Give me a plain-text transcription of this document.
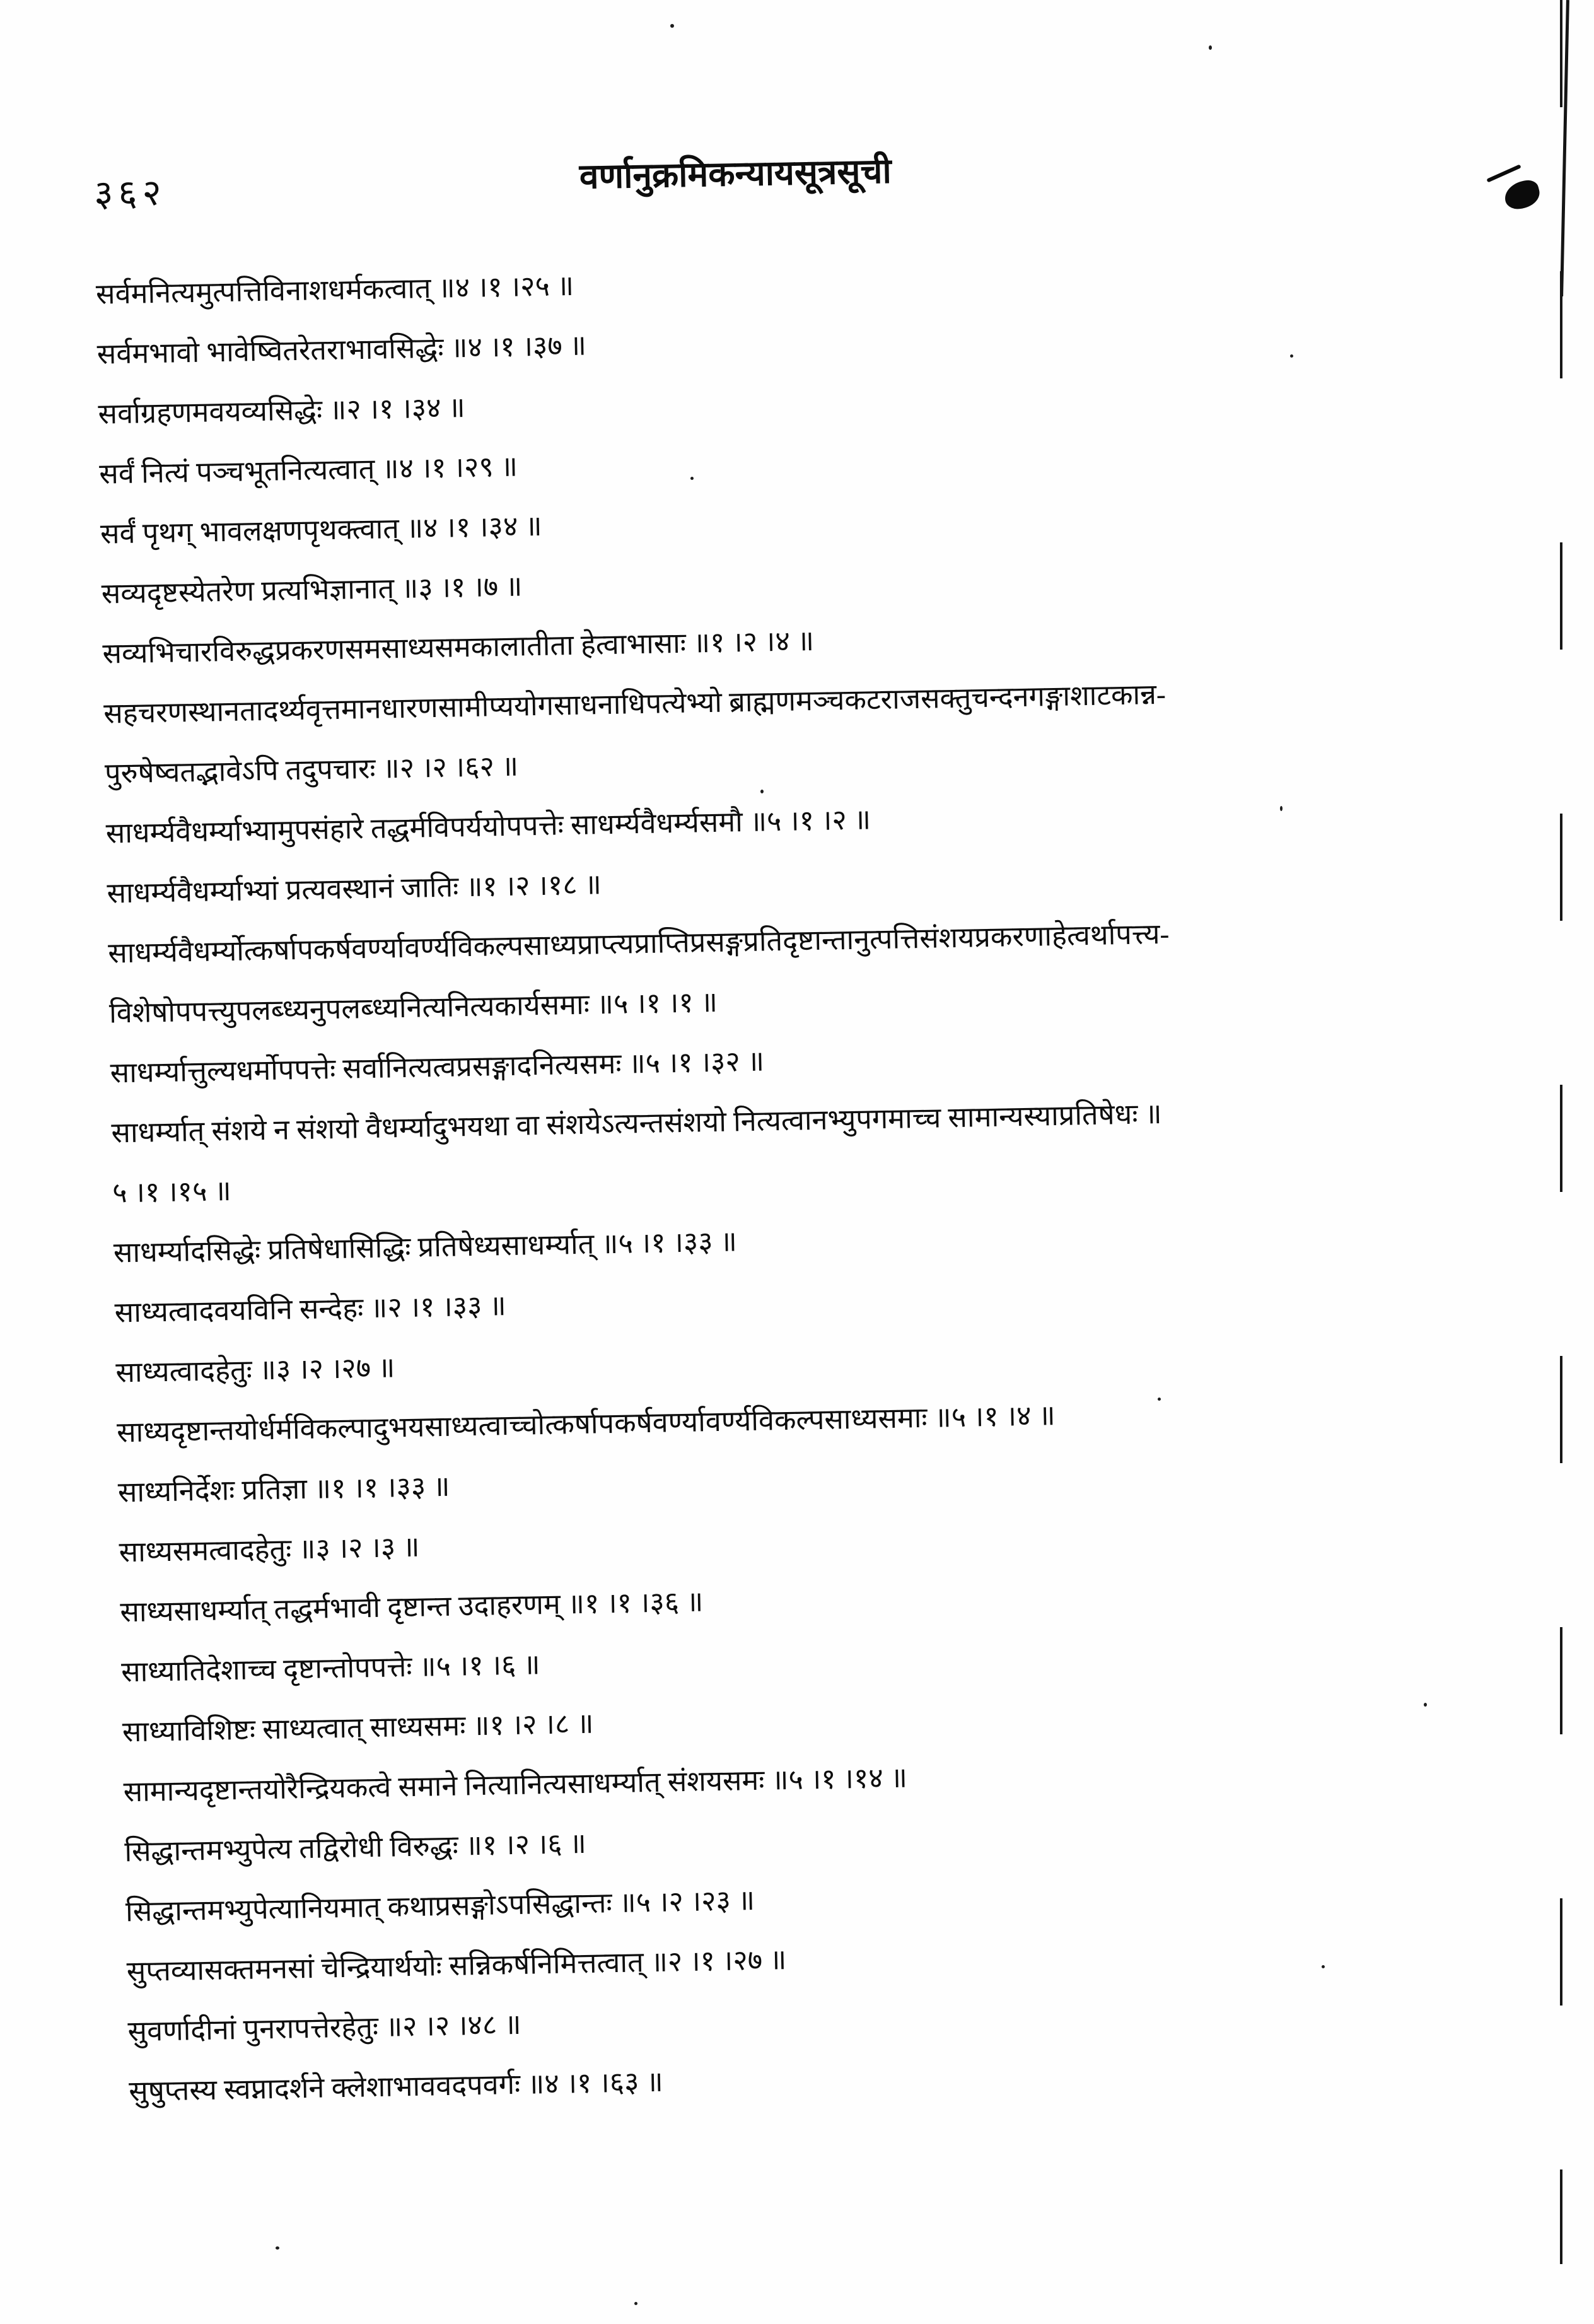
३६२	वर्णानुक्रमिकन्यायसूत्रसूची
सर्वमनित्यमुत्पत्तिविनाशधर्मकत्वात् ॥४ ।१ ।२५ ॥
सर्वमभावो भावेष्वितरेतराभावसिद्धेः ॥४ ।१ ।३७ ॥
सर्वाग्रहणमवयव्यसिद्धेः ॥२ ।१ ।३४ ॥
सर्वं नित्यं पञ्चभूतनित्यत्वात् ॥४ ।१ ।२९ ॥
सर्वं पृथग् भावलक्षणपृथक्त्वात् ॥४ ।१ ।३४ ॥
सव्यदृष्टस्येतरेण प्रत्यभिज्ञानात् ॥३ ।१ ।७ ॥
सव्यभिचारविरुद्धप्रकरणसमसाध्यसमकालातीता हेत्वाभासाः ॥१ ।२ ।४ ॥
सहचरणस्थानतादर्थ्यवृत्तमानधारणसामीप्ययोगसाधनाधिपत्येभ्यो ब्राह्मणमञ्चकटराजसक्तुचन्दनगङ्गाशाटकान्न-
पुरुषेष्वतद्भावेऽपि तदुपचारः ॥२ ।२ ।६२ ॥
साधर्म्यवैधर्म्याभ्यामुपसंहारे तद्धर्मविपर्ययोपपत्तेः साधर्म्यवैधर्म्यसमौ ॥५ ।१ ।२ ॥
साधर्म्यवैधर्म्याभ्यां प्रत्यवस्थानं जातिः ॥१ ।२ ।१८ ॥
साधर्म्यवैधर्म्योत्कर्षापकर्षवर्ण्यावर्ण्यविकल्पसाध्यप्राप्त्यप्राप्तिप्रसङ्गप्रतिदृष्टान्तानुत्पत्तिसंशयप्रकरणाहेत्वर्थापत्त्य-
विशेषोपपत्त्युपलब्ध्यनुपलब्ध्यनित्यनित्यकार्यसमाः ॥५ ।१ ।१ ॥
साधर्म्यात्तुल्यधर्मोपपत्तेः सर्वानित्यत्वप्रसङ्गादनित्यसमः ॥५ ।१ ।३२ ॥
साधर्म्यात् संशये न संशयो वैधर्म्यादुभयथा वा संशयेऽत्यन्तसंशयो नित्यत्वानभ्युपगमाच्च सामान्यस्याप्रतिषेधः ॥
५ ।१ ।१५ ॥
साधर्म्यादसिद्धेः प्रतिषेधासिद्धिः प्रतिषेध्यसाधर्म्यात् ॥५ ।१ ।३३ ॥
साध्यत्वादवयविनि सन्देहः ॥२ ।१ ।३३ ॥
साध्यत्वादहेतुः ॥३ ।२ ।२७ ॥
साध्यदृष्टान्तयोर्धर्मविकल्पादुभयसाध्यत्वाच्चोत्कर्षापकर्षवर्ण्यावर्ण्यविकल्पसाध्यसमाः ॥५ ।१ ।४ ॥
साध्यनिर्देशः प्रतिज्ञा ॥१ ।१ ।३३ ॥
साध्यसमत्वादहेतुः ॥३ ।२ ।३ ॥
साध्यसाधर्म्यात् तद्धर्मभावी दृष्टान्त उदाहरणम् ॥१ ।१ ।३६ ॥
साध्यातिदेशाच्च दृष्टान्तोपपत्तेः ॥५ ।१ ।६ ॥
साध्याविशिष्टः साध्यत्वात् साध्यसमः ॥१ ।२ ।८ ॥
सामान्यदृष्टान्तयोरैन्द्रियकत्वे समाने नित्यानित्यसाधर्म्यात् संशयसमः ॥५ ।१ ।१४ ॥
सिद्धान्तमभ्युपेत्य तद्विरोधी विरुद्धः ॥१ ।२ ।६ ॥
सिद्धान्तमभ्युपेत्यानियमात् कथाप्रसङ्गोऽपसिद्धान्तः ॥५ ।२ ।२३ ॥
सुप्तव्यासक्तमनसां चेन्द्रियार्थयोः सन्निकर्षनिमित्तत्वात् ॥२ ।१ ।२७ ॥
सुवर्णादीनां पुनरापत्तेरहेतुः ॥२ ।२ ।४८ ॥
सुषुप्तस्य स्वप्नादर्शने क्लेशाभाववदपवर्गः ॥४ ।१ ।६३ ॥
